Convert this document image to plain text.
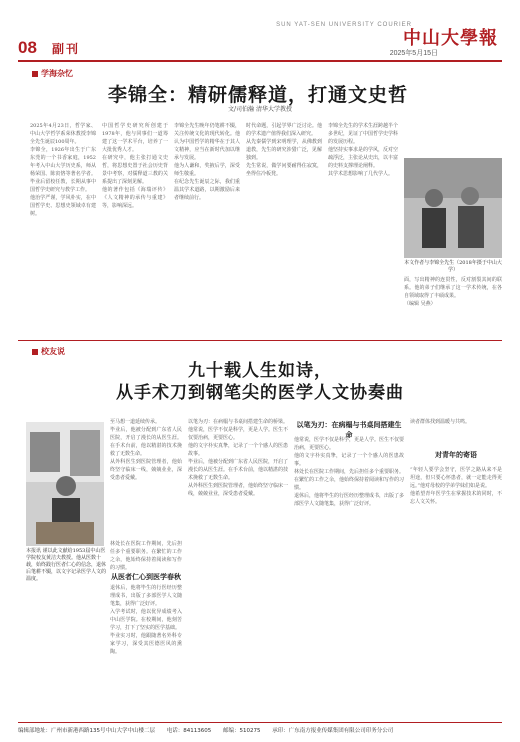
08	副刊
SUN YAT-SEN UNIVERSITY COURIER
中山大學報
2025年5月15日
学海杂忆
李锦全：精研儒释道，打通文史哲
文/司伯瀚 清华大学教授
2025年4月23日，哲学家、中山大学哲学系荣休教授李锦全先生诞辰100周年。
李锦全，1926年出生于广东东莞的一个书香家庭，1952年考入中山大学历史系，师从杨荣国、陈寅恪等著名学者。毕业后留校任教，长期从事中国哲学史研究与教学工作。
他治学严谨，学风朴实，在中国哲学史、思想史领域卓有建树。
中国哲学史研究所创建于1978年，他与同事们一道筹建了这一学术平台，培养了一大批优秀人才。
在研究中，他主张打通文史哲，将思想史置于社会历史背景中考察，对儒释道三教的关系提出了深刻见解。
他的著作包括《海瑞评传》《人文精神的承传与重建》等，影响深远。
李锦全先生晚年仍笔耕不辍，关注传统文化的现代转化。他认为中国哲学的精华在于其人文精神，应当在新时代加以继承与发展。
他为人谦和，奖掖后学，深受师生敬重。
在纪念先生诞辰之际，我们重温其学术道路，以期激励后来者继续前行。
时代命题，引起学界广泛讨论。他的学术遗产值得我们深入研究。
从先秦儒学到宋明理学，从佛教到道教，先生的研究涉猎广泛，见解独到。
先生常说，做学问要耐得住寂寞，坐得住冷板凳。
李锦全先生的学术生涯跨越半个多世纪，见证了中国哲学史学科的发展历程。
他坚持实事求是的学风，反对空疏浮泛，主张论从史出，以丰富的史料支撑理论阐释。
其学术思想影响了几代学人。
本文作者与李锦全先生（2018年摄于中山大学）
面，写出精神的连贯性，反对割裂其间的联系。他的弟子们继承了这一学术传统，在各自领域取得了丰硕成果。
（编辑 吴燕）
校友说
九十载人生如诗，
从手术刀到钢笔尖的医学人文协奏曲
本报讯 谨以此文献给1953届中山医学院校友黄洁夫教授。他从医数十载，始终践行医者仁心的信念，退休后笔耕不辍，以文字记录医学人文的温度。
至马想一道延续传承。
毕业后，他被分配到广东省人民医院，开启了漫长的从医生涯。在手术台前，他以精湛的技术挽救了无数生命。
从外科医生到医院管理者，他始终坚守临床一线，兢兢业业，深受患者爱戴。
林处长在医院工作期间，先后担任多个重要职务。在繁忙的工作之余，他始终保持着阅读和写作的习惯。
从医者仁心到医学春秋
退休后，他将毕生的行医经历整理成书，出版了多部医学人文随笔集，获得广泛好评。
入学考试时，他以优异成绩考入中山医学院。在校期间，他刻苦学习，打下了坚实的医学基础。
毕业实习时，他跟随著名外科专家学习，深受其医德医风的熏陶。
以笔为刃：在病榻与书桌间搭建生命的桥梁。
他常说，医学不仅是科学，更是人学。医生不仅要治病，更要医心。
他的文字朴实真挚，记录了一个个感人的医患故事。
毕业后，他被分配到广东省人民医院，开启了漫长的从医生涯。在手术台前，他以精湛的技术挽救了无数生命。
从外科医生到医院管理者，他始终坚守临床一线，兢兢业业，深受患者爱戴。
以笔为刃：在病榻与书桌间搭建生命
他常说，医学不仅是科学，更是人学。医生不仅要治病，更要医心。
他的文字朴实真挚，记录了一个个感人的医患故事。
林处长在医院工作期间，先后担任多个重要职务。在繁忙的工作之余，他始终保持着阅读和写作的习惯。
退休后，他将毕生的行医经历整理成书，出版了多部医学人文随笔集，获得广泛好评。
读者群体找到温暖与共鸣。
对青年的寄语
“年轻人要学会坚守，医学之路从来不是坦途，但只要心怀患者，就一定能走得更远。”他对母校的学弟学妹们如是说。
他希望青年医学生在掌握技术的同时，不忘人文关怀。
编辑部地址：广州市新港西路135号中山大学中山楼二层 电话：84113605 邮编：510275 承印：广东南方报业传媒集团有限公司印务分公司
